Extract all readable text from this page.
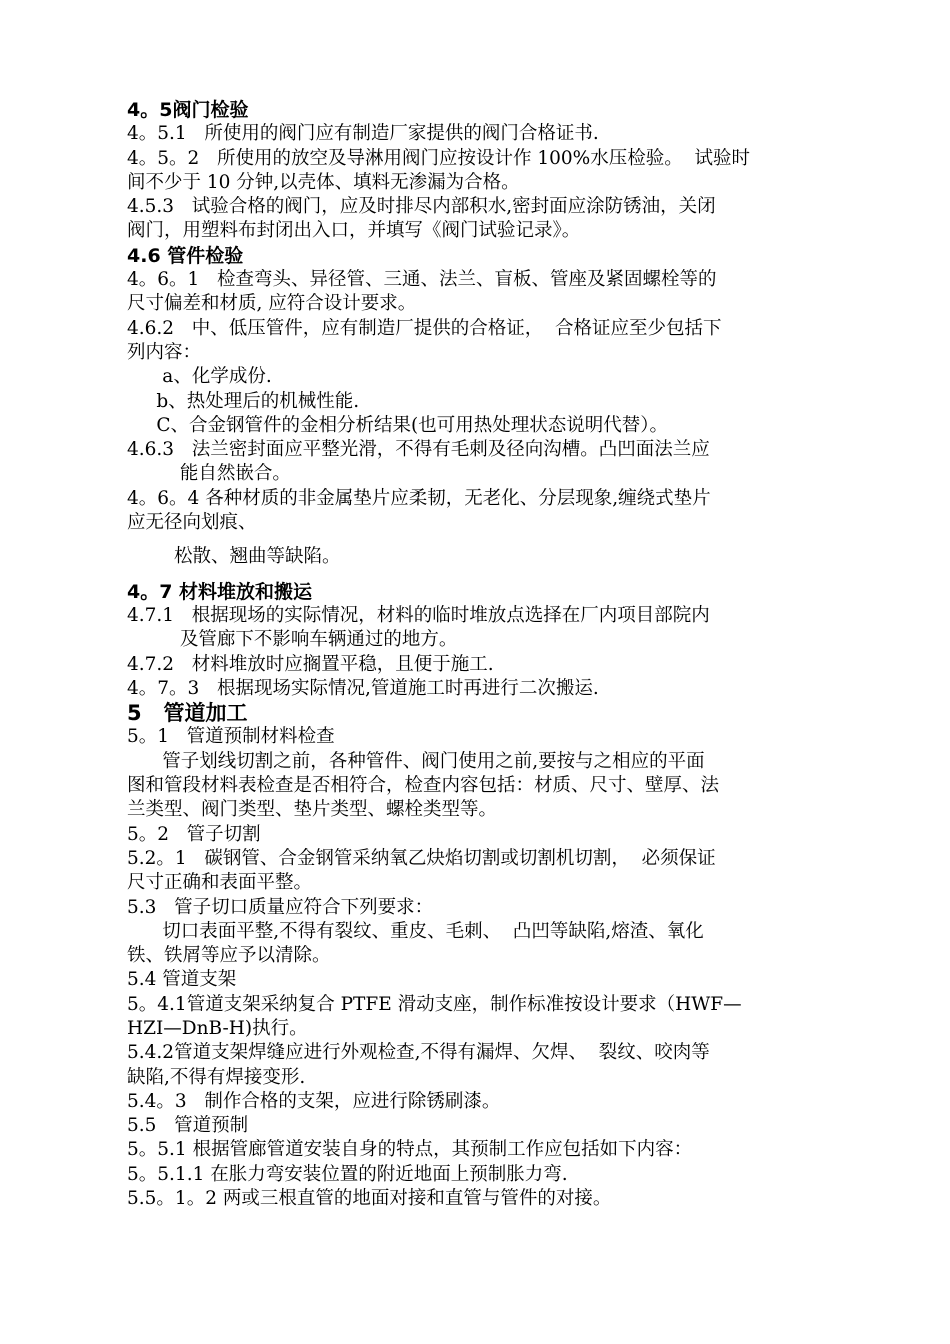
4。5阀门检验

4。5.1   所使用的阀门应有制造厂家提供的阀门合格证书.

4。5。2   所使用的放空及导淋用阀门应按设计作 100%水压检验。  试验时

间不少于 10 分钟,以壳体、填料无渗漏为合格。

4.5.3   试验合格的阀门，应及时排尽内部积水,密封面应涂防锈油，关闭

阀门，用塑料布封闭出入口，并填写《阀门试验记录》。

4.6 管件检验

4。6。1   检查弯头、异径管、三通、法兰、盲板、管座及紧固螺栓等的

尺寸偏差和材质, 应符合设计要求。

4.6.2   中、低压管件，应有制造厂提供的合格证，  合格证应至少包括下

列内容：

a、化学成份.

b、热处理后的机械性能.

C、合金钢管件的金相分析结果(也可用热处理状态说明代替）。

4.6.3   法兰密封面应平整光滑，不得有毛刺及径向沟槽。凸凹面法兰应

能自然嵌合。

4。6。4 各种材质的非金属垫片应柔韧，无老化、分层现象,缠绕式垫片

应无径向划痕、

松散、翘曲等缺陷。

4。7 材料堆放和搬运

4.7.1   根据现场的实际情况，材料的临时堆放点选择在厂内项目部院内

及管廊下不影响车辆通过的地方。

4.7.2   材料堆放时应搁置平稳，且便于施工.

4。7。3   根据现场实际情况,管道施工时再进行二次搬运.

5   管道加工

5。1   管道预制材料检查

管子划线切割之前，各种管件、阀门使用之前,要按与之相应的平面

图和管段材料表检查是否相符合，检查内容包括：材质、尺寸、壁厚、法

兰类型、阀门类型、垫片类型、螺栓类型等。

5。2   管子切割

5.2。1   碳钢管、合金钢管采纳氧乙炔焰切割或切割机切割，  必须保证

尺寸正确和表面平整。

5.3   管子切口质量应符合下列要求：

切口表面平整,不得有裂纹、重皮、毛刺、  凸凹等缺陷,熔渣、氧化

铁、铁屑等应予以清除。

5.4 管道支架

5。4.1管道支架采纳复合 PTFE 滑动支座，制作标准按设计要求（HWF—

HZI—DnB-H)执行。

5.4.2管道支架焊缝应进行外观检查,不得有漏焊、欠焊、  裂纹、咬肉等

缺陷,不得有焊接变形.

5.4。3   制作合格的支架，应进行除锈刷漆。

5.5   管道预制

5。5.1 根据管廊管道安装自身的特点，其预制工作应包括如下内容：

5。5.1.1 在胀力弯安装位置的附近地面上预制胀力弯.

5.5。1。2 两或三根直管的地面对接和直管与管件的对接。
